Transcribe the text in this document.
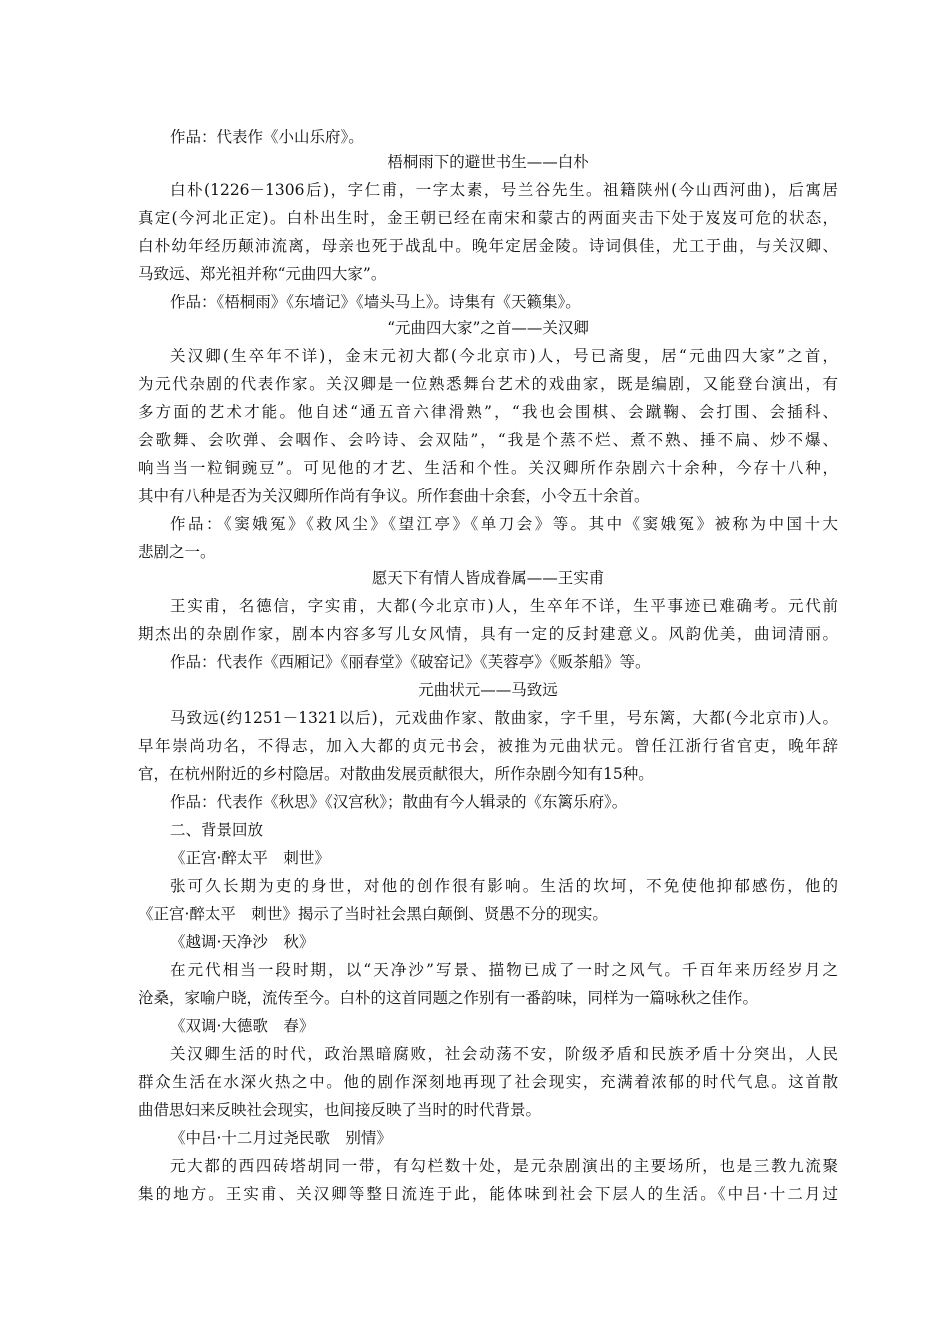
作品：代表作《小山乐府》。
梧桐雨下的避世书生——白朴
白朴(1226－1306后)，字仁甫，一字太素，号兰谷先生。祖籍陕州(今山西河曲)，后寓居
真定(今河北正定)。白朴出生时，金王朝已经在南宋和蒙古的两面夹击下处于岌岌可危的状态，
白朴幼年经历颠沛流离，母亲也死于战乱中。晚年定居金陵。诗词俱佳，尤工于曲，与关汉卿、
马致远、郑光祖并称“元曲四大家”。
作品：《梧桐雨》《东墙记》《墙头马上》。诗集有《天籁集》。
“元曲四大家”之首——关汉卿
关汉卿(生卒年不详)，金末元初大都(今北京市)人，号已斋叟，居“元曲四大家”之首，
为元代杂剧的代表作家。关汉卿是一位熟悉舞台艺术的戏曲家，既是编剧，又能登台演出，有
多方面的艺术才能。他自述“通五音六律滑熟”，“我也会围棋、会蹴鞠、会打围、会插科、
会歌舞、会吹弹、会咽作、会吟诗、会双陆”，“我是个蒸不烂、煮不熟、捶不扁、炒不爆、
响当当一粒铜豌豆”。可见他的才艺、生活和个性。关汉卿所作杂剧六十余种，今存十八种，
其中有八种是否为关汉卿所作尚有争议。所作套曲十余套，小令五十余首。
作品：《窦娥冤》《救风尘》《望江亭》《单刀会》等。其中《窦娥冤》被称为中国十大
悲剧之一。
愿天下有情人皆成眷属——王实甫
王实甫，名德信，字实甫，大都(今北京市)人，生卒年不详，生平事迹已难确考。元代前
期杰出的杂剧作家，剧本内容多写儿女风情，具有一定的反封建意义。风韵优美，曲词清丽。
作品：代表作《西厢记》《丽春堂》《破窑记》《芙蓉亭》《贩茶船》等。
元曲状元——马致远
马致远(约1251－1321以后)，元戏曲作家、散曲家，字千里，号东篱，大都(今北京市)人。
早年崇尚功名，不得志，加入大都的贞元书会，被推为元曲状元。曾任江浙行省官吏，晚年辞
官，在杭州附近的乡村隐居。对散曲发展贡献很大，所作杂剧今知有15种。
作品：代表作《秋思》《汉宫秋》；散曲有今人辑录的《东篱乐府》。
二、背景回放
《正宫·醉太平　刺世》
张可久长期为吏的身世，对他的创作很有影响。生活的坎坷，不免使他抑郁感伤，他的
《正宫·醉太平　刺世》揭示了当时社会黑白颠倒、贤愚不分的现实。
《越调·天净沙　秋》
在元代相当一段时期，以“天净沙”写景、描物已成了一时之风气。千百年来历经岁月之
沧桑，家喻户晓，流传至今。白朴的这首同题之作别有一番韵味，同样为一篇咏秋之佳作。
《双调·大德歌　春》
关汉卿生活的时代，政治黑暗腐败，社会动荡不安，阶级矛盾和民族矛盾十分突出，人民
群众生活在水深火热之中。他的剧作深刻地再现了社会现实，充满着浓郁的时代气息。这首散
曲借思妇来反映社会现实，也间接反映了当时的时代背景。
《中吕·十二月过尧民歌　别情》
元大都的西四砖塔胡同一带，有勾栏数十处，是元杂剧演出的主要场所，也是三教九流聚
集的地方。王实甫、关汉卿等整日流连于此，能体味到社会下层人的生活。《中吕·十二月过
